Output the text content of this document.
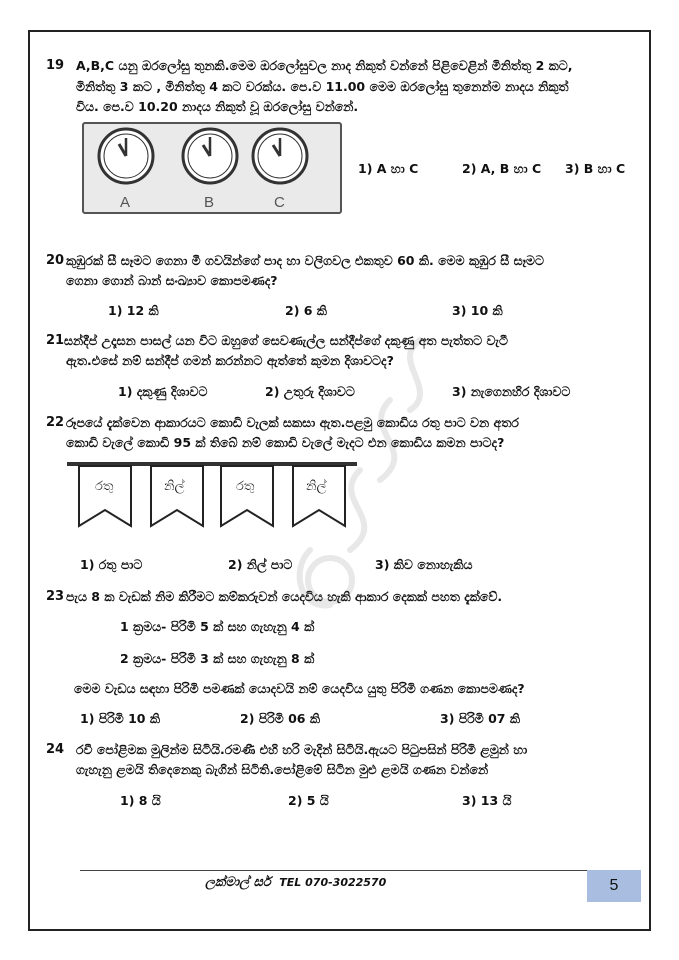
19 A,B,C යනු ඔරලෝසු තුනකි.මෙම ඔරලෝසුවල නාද නිකුත් වන්නේ පිළිවෙළින් මිනිත්තු 2 කට,
මිනිත්තු 3 කට , මිනිත්තු 4 කට වරක්ය. පෙ.ව 11.00 මෙම ඔරලෝසු තුනෙන්ම නාදය නිකුත්
විය. පෙ.ව 10.20 නාදය නිකුත් වූ ඔරලෝසු වන්නේ.
A	B	C
1) A හා C	2) A, B හා C 3) B හා C
20 කුඹුරක් සී සෑමට ගෙනා මී ගවයින්ගේ පාද හා වලිගවල එකතුව 60 කි. මෙම කුඹුර සී සෑමට
ගෙනා ගොන් බාන් සංඛ්‍යාව කොපමණද?
1) 12 කි	2) 6 කි	3) 10 කි
21 සන්දීප් උදෑසන පාසල් යන විට ඔහුගේ සෙවණැල්ල සන්දීප්ගේ දකුණු අත පැත්තට වැටී
ඇත.එසේ නම් සන්දීප් ගමන් කරන්නට ඇත්තේ කුමන දිශාවටද?
1) දකුණු දිශාවට	2) උතුරු දිශාවට	3) නැගෙනහිර දිශාවට
22 රූපයේ දැක්වෙන ආකාරයට කොඩි වැලක් සකසා ඇත.පළමු කොඩිය රතු පාට වන අතර
කොඩි වැලේ කොඩි 95 ක් තිබේ නම් කොඩි වැලේ මැදට එන කොඩිය කමන පාටද?
රතු	නිල්	රතු	නිල්
1) රතු පාට	2) නිල් පාට	3) කිව නොහැකිය
23 පැය 8 ක වැඩක් නිම කිරීමට කම්කරුවන් යෙදවිය හැකි ආකාර දෙකක් පහත දැක්වේ.
1 ක්‍රමය- පිරිමි 5 ක් සහ ගැහැනු 4 ක්
2 ක්‍රමය- පිරිමි 3 ක් සහ ගැහැනු 8 ක්
මෙම වැඩය සඳහා පිරිමි පමණක් යොදවයි නම් යෙදවිය යුතු පිරිමි ගණන කොපමණද?
1) පිරිමි 10 කි	2) පිරිමි 06 කි	3) පිරිමි 07 කි
24 රවී පෝළිමක මුලින්ම සිටියි.රමණී එහි හරි මැදින් සිටියි.ඇයට පිටුපසින් පිරිමි ළමුන් හා
ගැහැනු ළමයි තිදෙනෙකු බැගින් සිටිති.පෝළිමේ සිටින මුළු ළමයි ගණන වන්නේ
1) 8 යි	2) 5 යි	3) 13 යි
ලක්මාල් සර් TEL 070-3022570	5
